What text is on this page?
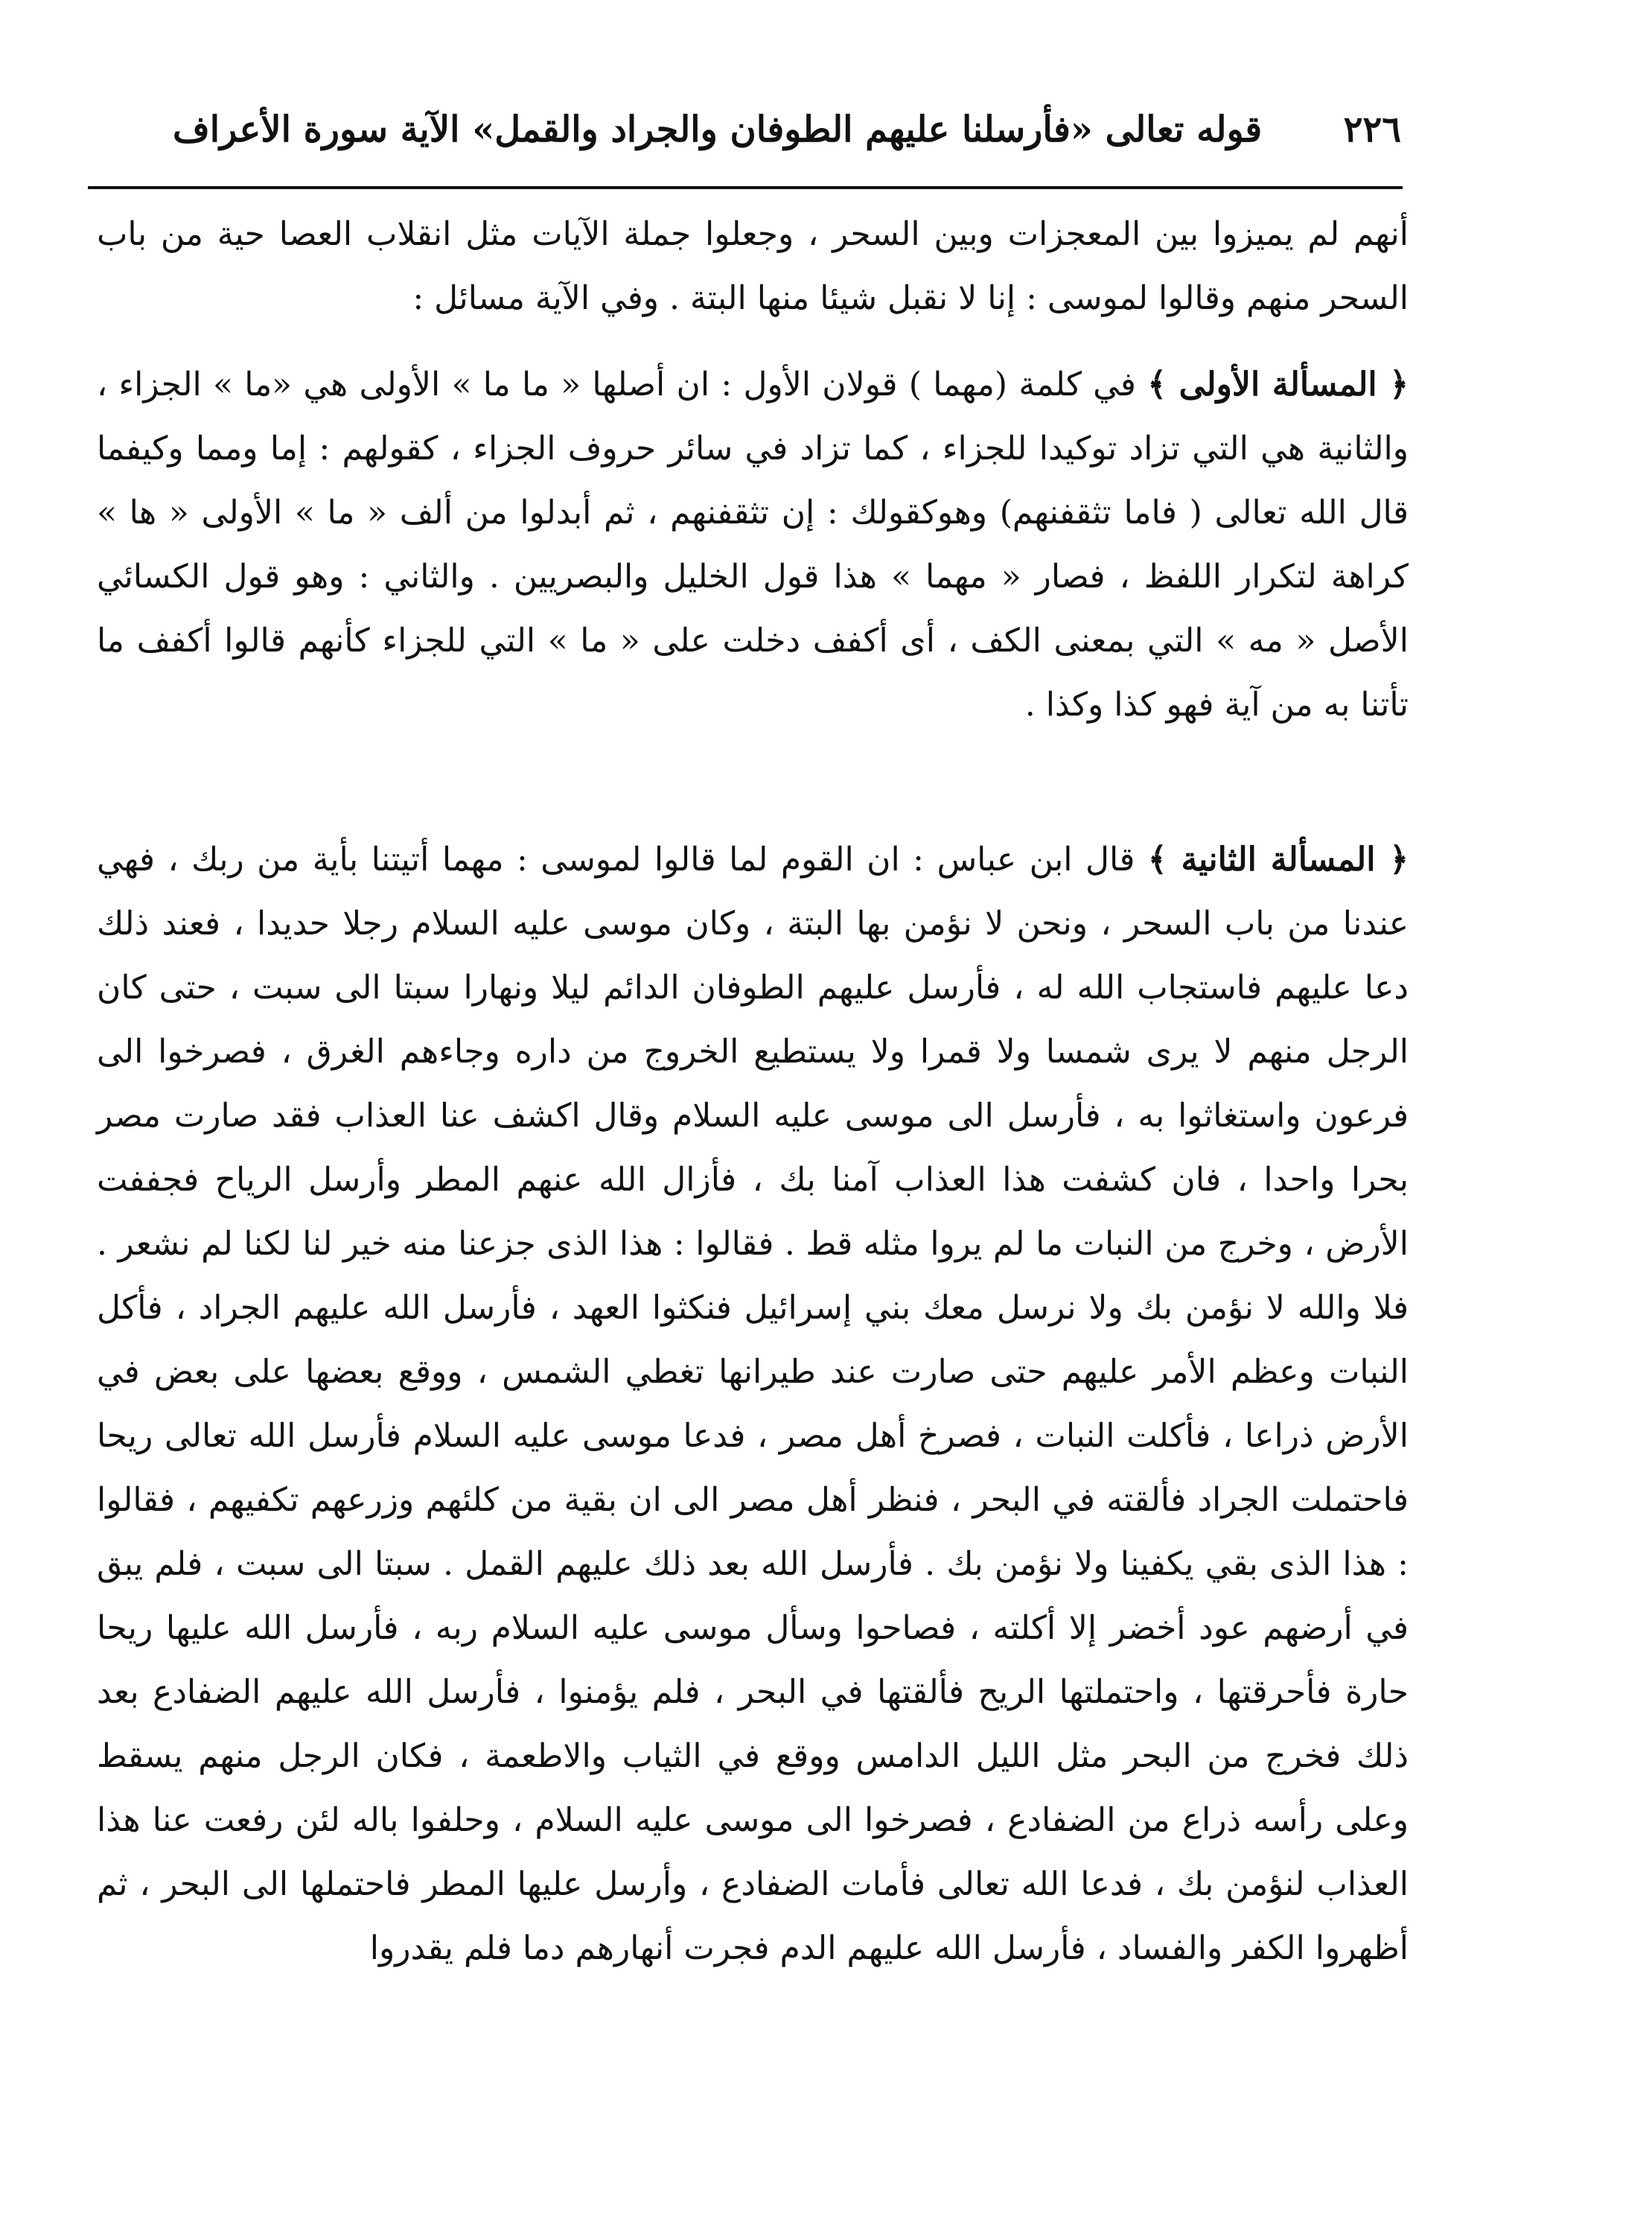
٢٢٦
قوله تعالى «فأرسلنا عليهم الطوفان والجراد والقمل» الآية سورة الأعراف

أنهم لم يميزوا بين المعجزات وبين السحر ، وجعلوا جملة الآيات مثل انقلاب العصا حية من باب السحر منهم وقالوا لموسى : إنا لا نقبل شيئا منها البتة . وفي الآية مسائل :

﴿ المسألة الأولى ﴾ في كلمة (مهما ) قولان الأول : ان أصلها « ما ما » الأولى هي «ما » الجزاء ، والثانية هي التي تزاد توكيدا للجزاء ، كما تزاد في سائر حروف الجزاء ، كقولهم : إما ومما وكيفما قال الله تعالى ( فاما تثقفنهم) وهوكقولك : إن تثقفنهم ، ثم أبدلوا من ألف « ما » الأولى « ها » كراهة لتكرار اللفظ ، فصار « مهما » هذا قول الخليل والبصريين . والثاني : وهو قول الكسائي الأصل « مه » التي بمعنى الكف ، أى أكفف دخلت على « ما » التي للجزاء كأنهم قالوا أكفف ما تأتنا به من آية فهو كذا وكذا .

﴿ المسألة الثانية ﴾ قال ابن عباس : ان القوم لما قالوا لموسى : مهما أتيتنا بأية من ربك ، فهي عندنا من باب السحر ، ونحن لا نؤمن بها البتة ، وكان موسى عليه السلام رجلا حديدا ، فعند ذلك دعا عليهم فاستجاب الله له ، فأرسل عليهم الطوفان الدائم ليلا ونهارا سبتا الى سبت ، حتى كان الرجل منهم لا يرى شمسا ولا قمرا ولا يستطيع الخروج من داره وجاءهم الغرق ، فصرخوا الى فرعون واستغاثوا به ، فأرسل الى موسى عليه السلام وقال اكشف عنا العذاب فقد صارت مصر بحرا واحدا ، فان كشفت هذا العذاب آمنا بك ، فأزال الله عنهم المطر وأرسل الرياح فجففت الأرض ، وخرج من النبات ما لم يروا مثله قط . فقالوا : هذا الذى جزعنا منه خير لنا لكنا لم نشعر . فلا والله لا نؤمن بك ولا نرسل معك بني إسرائيل فنكثوا العهد ، فأرسل الله عليهم الجراد ، فأكل النبات وعظم الأمر عليهم حتى صارت عند طيرانها تغطي الشمس ، ووقع بعضها على بعض في الأرض ذراعا ، فأكلت النبات ، فصرخ أهل مصر ، فدعا موسى عليه السلام فأرسل الله تعالى ريحا فاحتملت الجراد فألقته في البحر ، فنظر أهل مصر الى ان بقية من كلئهم وزرعهم تكفيهم ، فقالوا : هذا الذى بقي يكفينا ولا نؤمن بك . فأرسل الله بعد ذلك عليهم القمل . سبتا الى سبت ، فلم يبق في أرضهم عود أخضر إلا أكلته ، فصاحوا وسأل موسى عليه السلام ربه ، فأرسل الله عليها ريحا حارة فأحرقتها ، واحتملتها الريح فألقتها في البحر ، فلم يؤمنوا ، فأرسل الله عليهم الضفادع بعد ذلك فخرج من البحر مثل الليل الدامس ووقع في الثياب والاطعمة ، فكان الرجل منهم يسقط وعلى رأسه ذراع من الضفادع ، فصرخوا الى موسى عليه السلام ، وحلفوا باله لئن رفعت عنا هذا العذاب لنؤمن بك ، فدعا الله تعالى فأمات الضفادع ، وأرسل عليها المطر فاحتملها الى البحر ، ثم أظهروا الكفر والفساد ، فأرسل الله عليهم الدم فجرت أنهارهم دما فلم يقدروا
